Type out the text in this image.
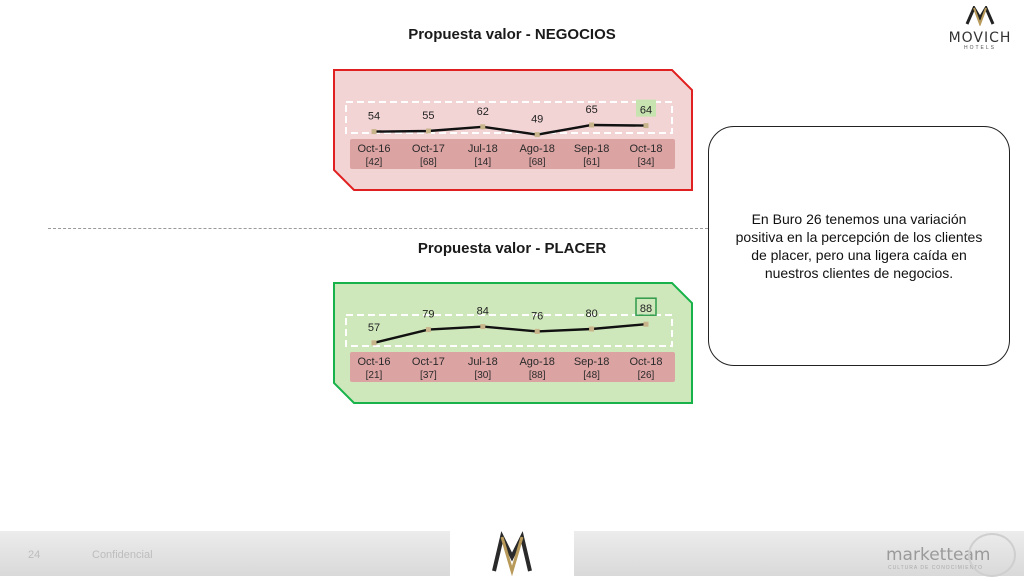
Propuesta valor - NEGOCIOS
54
Oct-16
[42]
55
Oct-17
[68]
62
Jul-18
[14]
49
Ago-18
[68]
65
Sep-18
[61]
64
Oct-18
[34]
Propuesta valor - PLACER
57
Oct-16
[21]
79
Oct-17
[37]
84
Jul-18
[30]
76
Ago-18
[88]
80
Sep-18
[48]
88
Oct-18
[26]

En Buro 26 tenemos una variación positiva en la percepción de los clientes de placer, pero una ligera caída en nuestros clientes de negocios.

MOVICH
HOTELS
24	Confidencial	marketteam
CULTURA DE CONOCIMIENTO
